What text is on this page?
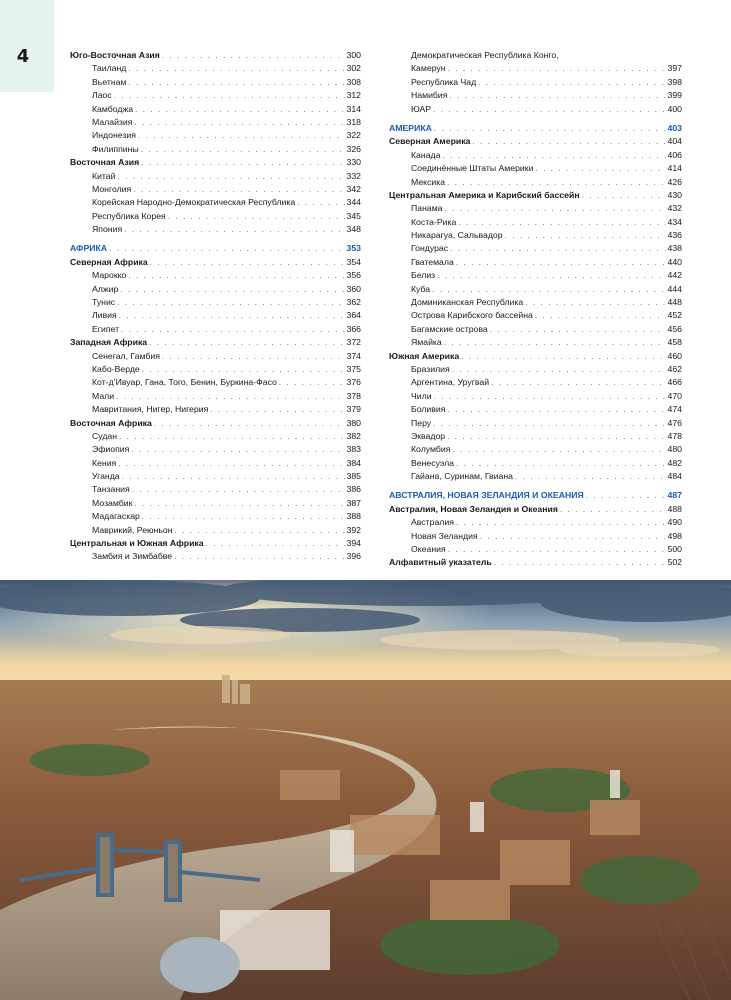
4	Юго-Восточная Азия . . .	300
Таиланд . . .	302
Вьетнам . . .	308
Лаос . . .	312
Камбоджа . . .	314
Малайзия . . .	318
Индонезия . . .	322
Филиппины . . .	326
Восточная Азия . . .	330
Китай . . .	332
Монголия . . .	342
Корейская Народно-Демократическая Республика . . .	344
Республика Корея . . .	345
Япония . . .	348
АФРИКА . . .	353
Северная Африка . . .	354
Марокко . . .	356
Алжир . . .	360
Тунис . . .	362
Ливия . . .	364
Египет . . .	366
Западная Африка . . .	372
Сенегал, Гамбия . . .	374
Кабо-Верде . . .	375
Кот-д’Ивуар, Гана, Того, Бенин, Буркина-Фасо . . .	376
Мали . . .	378
Мавритания, Нигер, Нигерия . . .	379
Восточная Африка . . .	380
Судан . . .	382
Эфиопия . . .	383
Кения . . .	384
Уганда . . .	385
Танзания . . .	386
Мозамбик . . .	387
Мадагаскар . . .	388
Маврикий, Реюньон . . .	392
Центральная и Южная Африка . . .	394
Замбия и Зимбабве . . .	396
Демократическая Республика Конго,
Камерун . . .	397
Республика Чад . . .	398
Намибия . . .	399
ЮАР . . .	400
АМЕРИКА . . .	403
Северная Америка . . .	404
Канада . . .	406
Соединённые Штаты Америки . . .	414
Мексика . . .	426
Центральная Америка и Карибский бассейн . . .	430
Панама . . .	432
Коста-Рика . . .	434
Никарагуа, Сальвадор . . .	436
Гондурас . . .	438
Гватемала . . .	440
Белиз . . .	442
Куба . . .	444
Доминиканская Республика . . .	448
Острова Карибского бассейна . . .	452
Багамские острова . . .	456
Ямайка . . .	458
Южная Америка . . .	460
Бразилия . . .	462
Аргентина, Уругвай . . .	466
Чили . . .	470
Боливия . . .	474
Перу . . .	476
Эквадор . . .	478
Колумбия . . .	480
Венесуэла . . .	482
Гайана, Суринам, Гвиана . . .	484
АВСТРАЛИЯ, НОВАЯ ЗЕЛАНДИЯ И ОКЕАНИЯ . . .	487
Австралия, Новая Зеландия и Океания . . .	488
Австралия . . .	490
Новая Зеландия . . .	498
Океания . . .	500
Алфавитный указатель . . .	502
